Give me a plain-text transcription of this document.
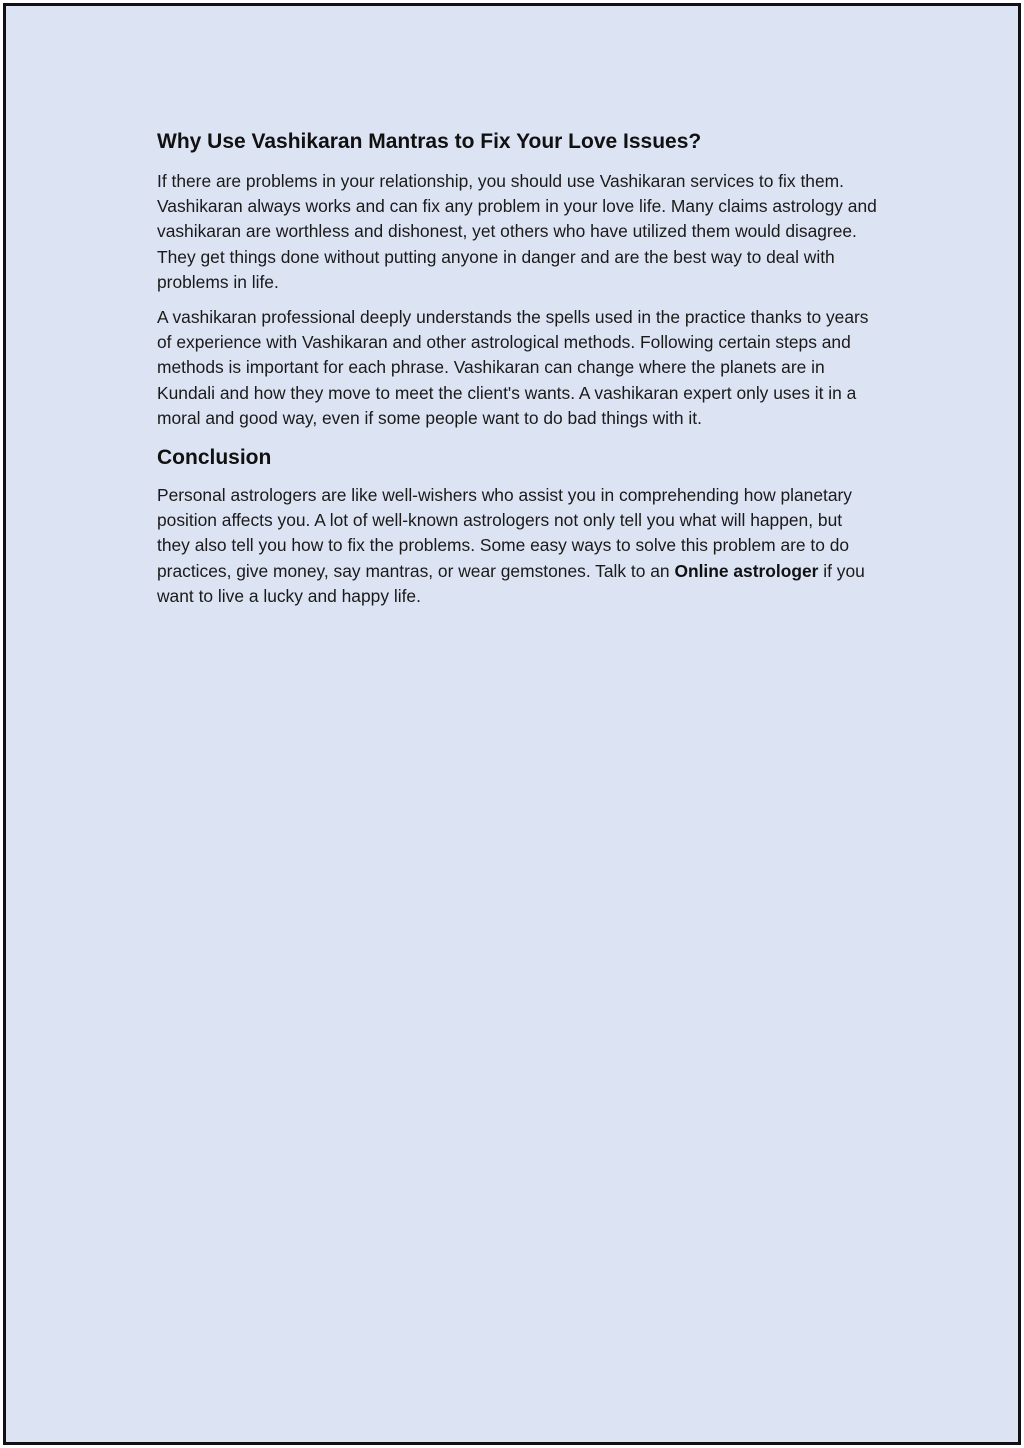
Why Use Vashikaran Mantras to Fix Your Love Issues?

If there are problems in your relationship, you should use Vashikaran services to fix them. Vashikaran always works and can fix any problem in your love life. Many claims astrology and vashikaran are worthless and dishonest, yet others who have utilized them would disagree. They get things done without putting anyone in danger and are the best way to deal with problems in life.

A vashikaran professional deeply understands the spells used in the practice thanks to years of experience with Vashikaran and other astrological methods. Following certain steps and methods is important for each phrase. Vashikaran can change where the planets are in Kundali and how they move to meet the client's wants. A vashikaran expert only uses it in a moral and good way, even if some people want to do bad things with it.

Conclusion

Personal astrologers are like well-wishers who assist you in comprehending how planetary position affects you. A lot of well-known astrologers not only tell you what will happen, but they also tell you how to fix the problems. Some easy ways to solve this problem are to do practices, give money, say mantras, or wear gemstones. Talk to an Online astrologer if you want to live a lucky and happy life.
